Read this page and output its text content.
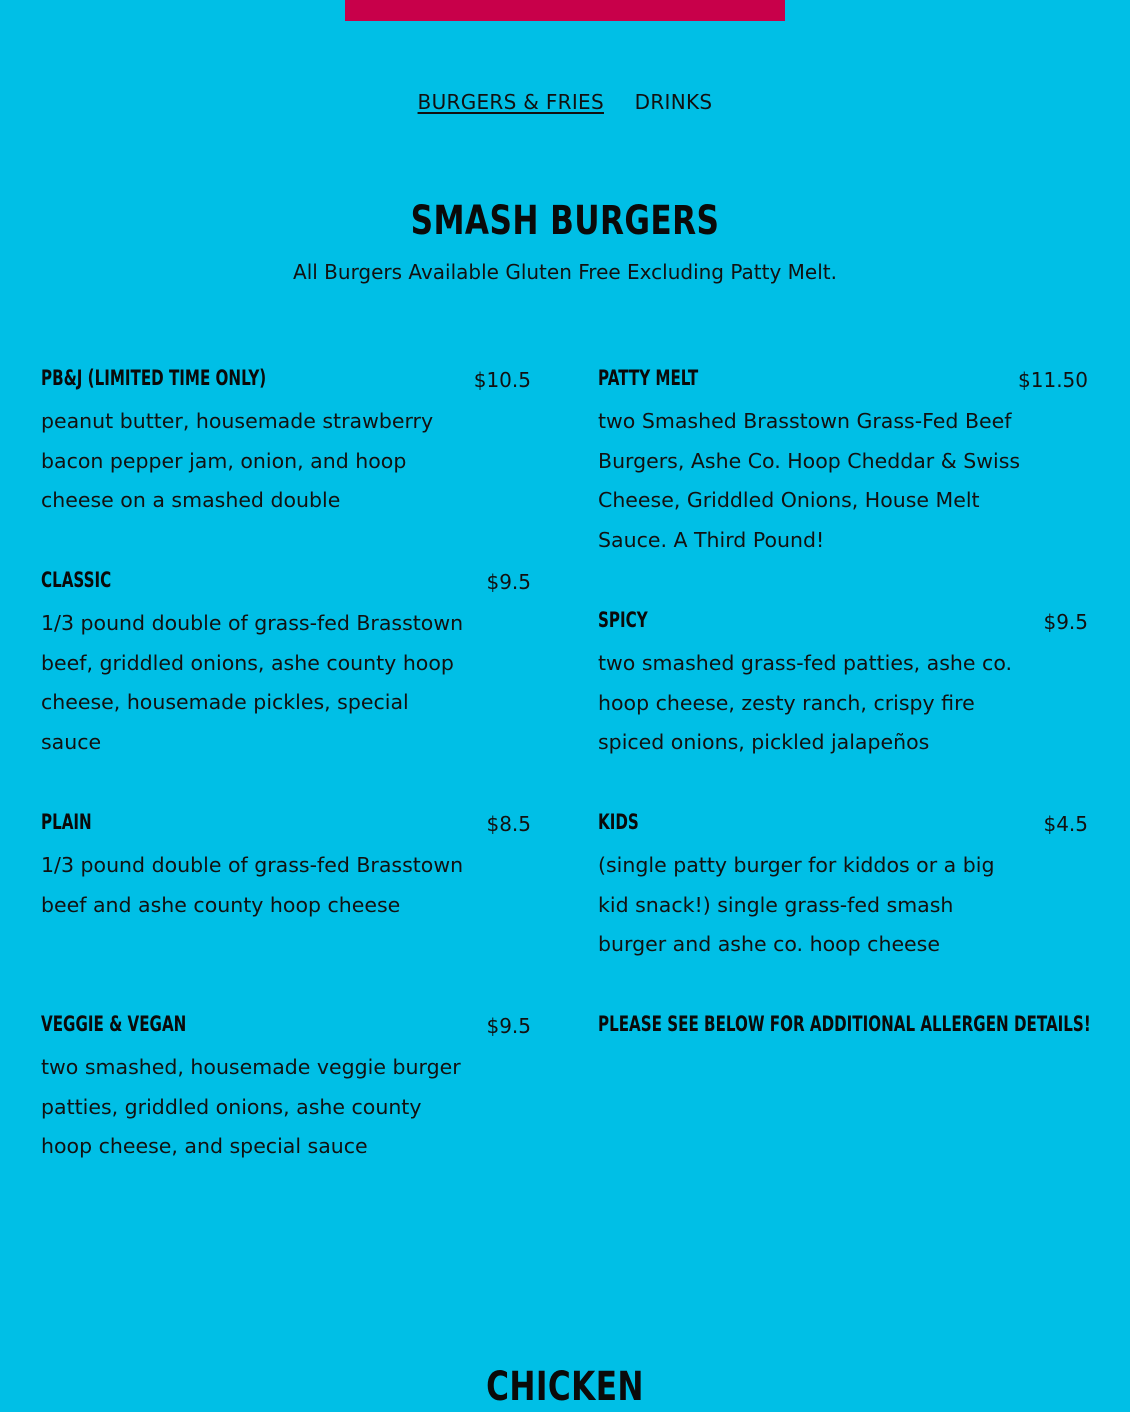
BURGERS & FRIES DRINKS
SMASH BURGERS
All Burgers Available Gluten Free Excluding Patty Melt.
PB&J (LIMITED TIME ONLY)	$10.5
peanut butter, housemade strawberry bacon pepper jam, onion, and hoop cheese on a smashed double
CLASSIC	$9.5
1/3 pound double of grass-fed Brasstown beef, griddled onions, ashe county hoop cheese, housemade pickles, special sauce
PLAIN	$8.5
1/3 pound double of grass-fed Brasstown beef and ashe county hoop cheese
VEGGIE & VEGAN	$9.5
two smashed, housemade veggie burger patties, griddled onions, ashe county hoop cheese, and special sauce
PATTY MELT	$11.50
two Smashed Brasstown Grass-Fed Beef Burgers, Ashe Co. Hoop Cheddar & Swiss Cheese, Griddled Onions, House Melt Sauce. A Third Pound!
SPICY	$9.5
two smashed grass-fed patties, ashe co. hoop cheese, zesty ranch, crispy fire spiced onions, pickled jalapeños
KIDS	$4.5
(single patty burger for kiddos or a big kid snack!) single grass-fed smash burger and ashe co. hoop cheese
PLEASE SEE BELOW FOR ADDITIONAL ALLERGEN DETAILS!
CHICKEN
